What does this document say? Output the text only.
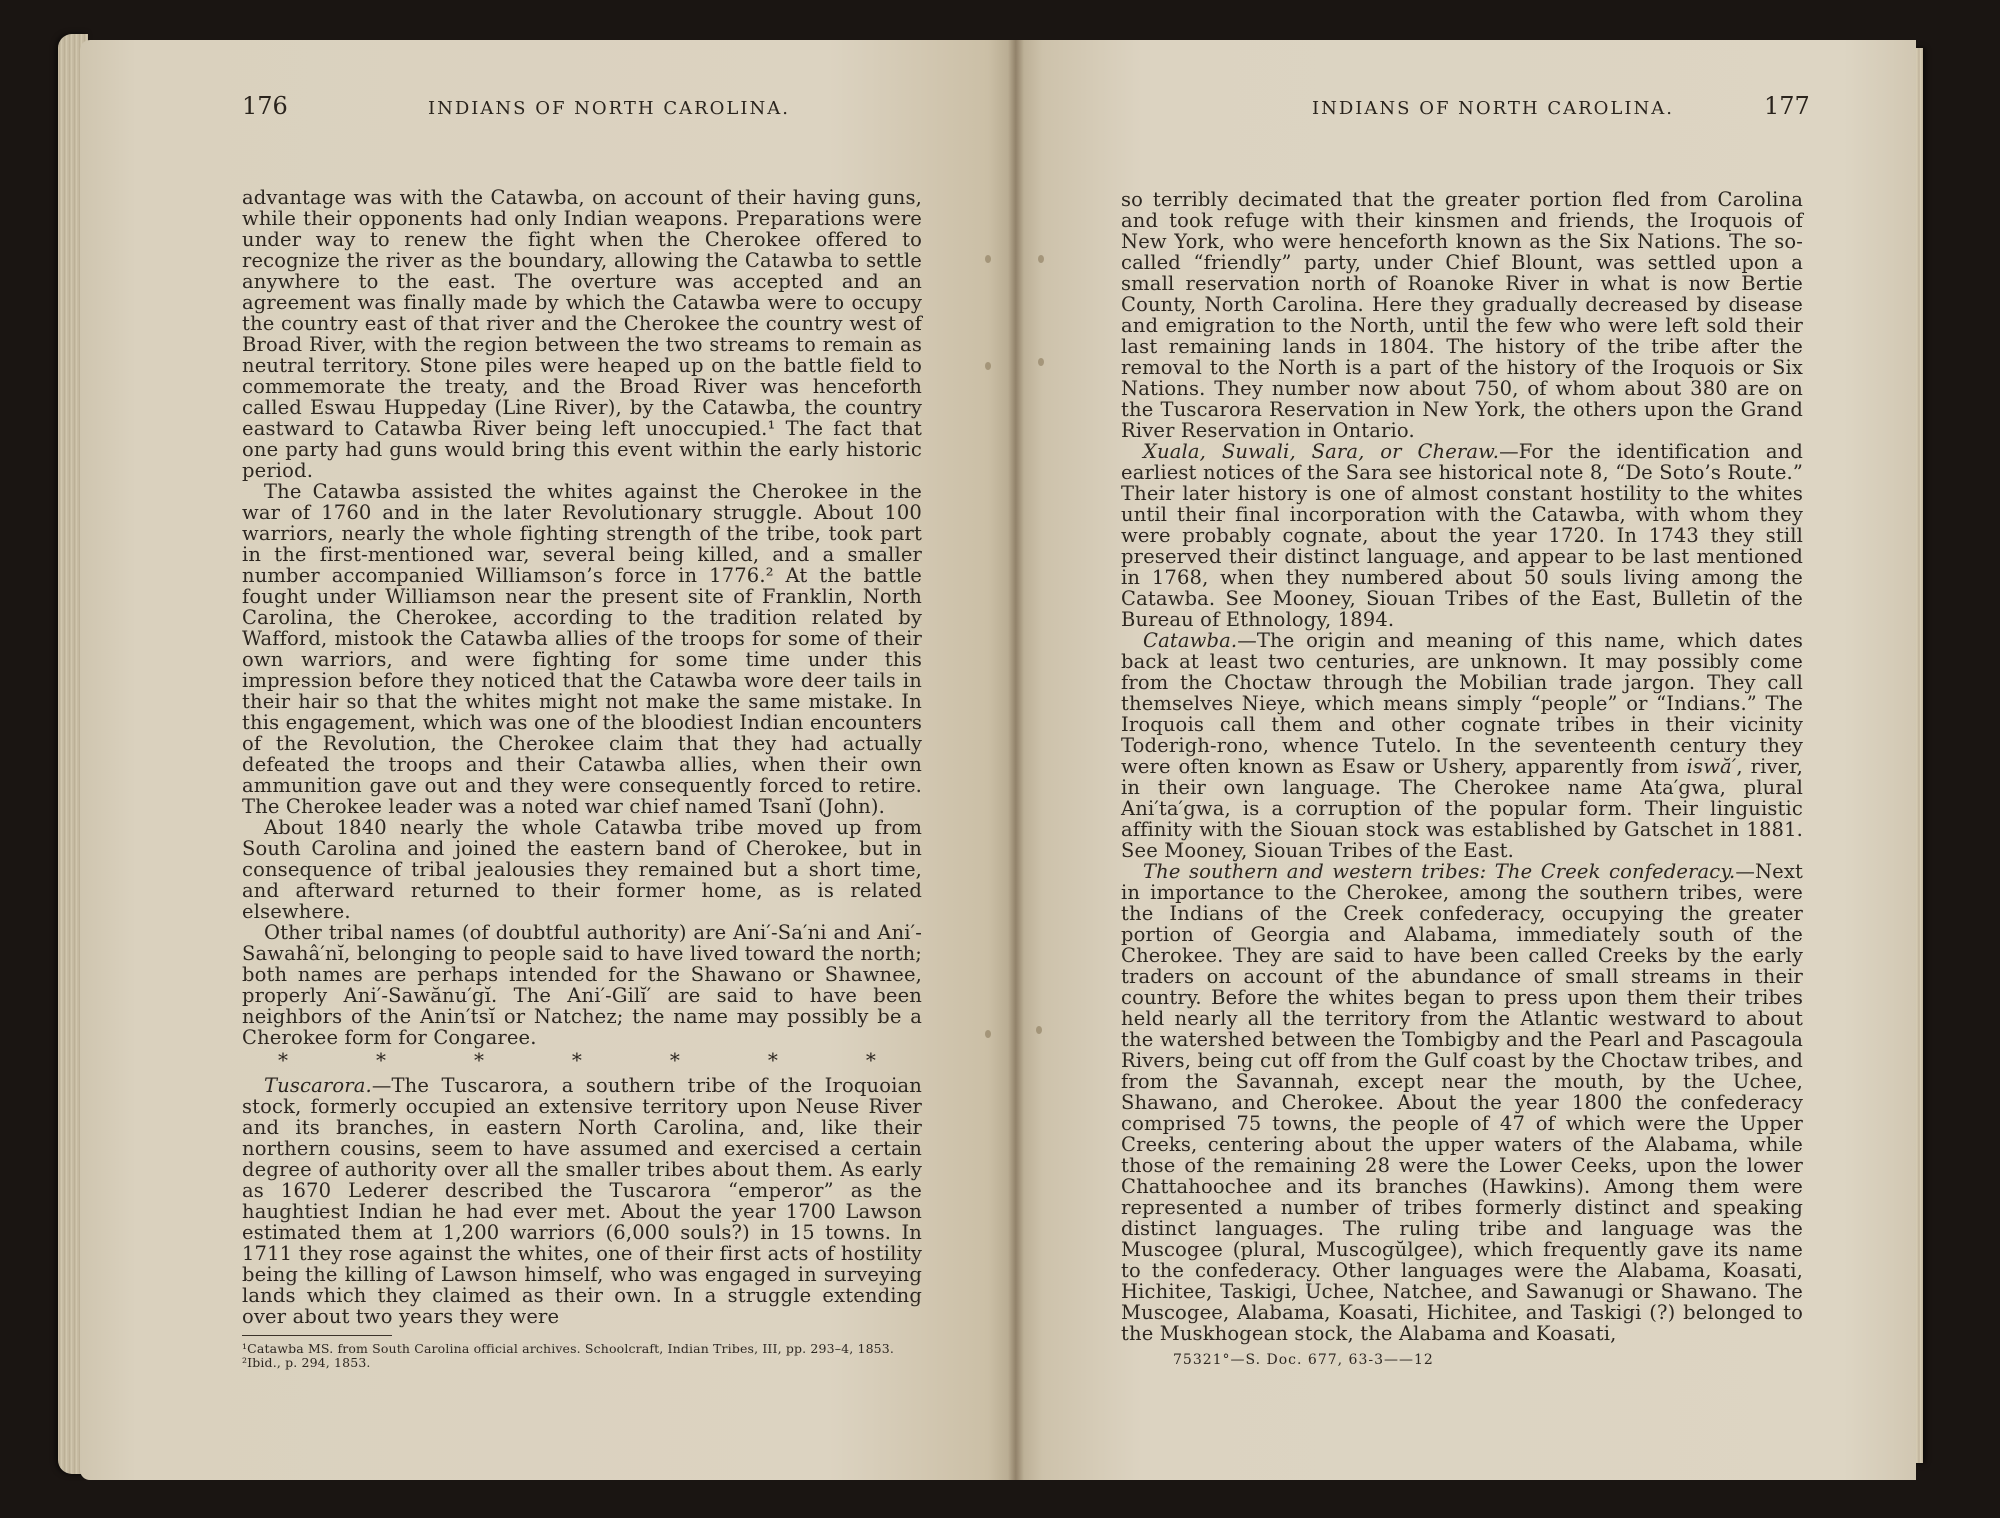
176	INDIANS OF NORTH CAROLINA.

advantage was with the Catawba, on account of their having guns, while their opponents had only Indian weapons. Preparations were under way to renew the fight when the Cherokee offered to recognize the river as the boundary, allowing the Catawba to settle anywhere to the east. The overture was accepted and an agreement was finally made by which the Catawba were to occupy the country east of that river and the Cherokee the country west of Broad River, with the region between the two streams to remain as neutral territory. Stone piles were heaped up on the battle field to commemorate the treaty, and the Broad River was henceforth called Eswau Huppeday (Line River), by the Catawba, the country eastward to Catawba River being left unoccupied.¹ The fact that one party had guns would bring this event within the early historic period.

The Catawba assisted the whites against the Cherokee in the war of 1760 and in the later Revolutionary struggle. About 100 warriors, nearly the whole fighting strength of the tribe, took part in the first-mentioned war, several being killed, and a smaller number accompanied Williamson’s force in 1776.² At the battle fought under Williamson near the present site of Franklin, North Carolina, the Cherokee, according to the tradition related by Wafford, mistook the Catawba allies of the troops for some of their own warriors, and were fighting for some time under this impression before they noticed that the Catawba wore deer tails in their hair so that the whites might not make the same mistake. In this engagement, which was one of the bloodiest Indian encounters of the Revolution, the Cherokee claim that they had actually defeated the troops and their Catawba allies, when their own ammunition gave out and they were consequently forced to retire. The Cherokee leader was a noted war chief named Tsanĭ (John).

About 1840 nearly the whole Catawba tribe moved up from South Carolina and joined the eastern band of Cherokee, but in consequence of tribal jealousies they remained but a short time, and afterward returned to their former home, as is related elsewhere.

Other tribal names (of doubtful authority) are Ani′-Sa′ni and Ani′-Sawahâ′nĭ, belonging to people said to have lived toward the north; both names are perhaps intended for the Shawano or Shawnee, properly Ani′-Sawănu′gĭ. The Ani′-Gilĭ′ are said to have been neighbors of the Anin′tsĭ or Natchez; the name may possibly be a Cherokee form for Congaree.

*	*	*	*	*	*	*

Tuscarora.—The Tuscarora, a southern tribe of the Iroquoian stock, formerly occupied an extensive territory upon Neuse River and its branches, in eastern North Carolina, and, like their northern cousins, seem to have assumed and exercised a certain degree of authority over all the smaller tribes about them. As early as 1670 Lederer described the Tuscarora “emperor” as the haughtiest Indian he had ever met. About the year 1700 Lawson estimated them at 1,200 warriors (6,000 souls?) in 15 towns. In 1711 they rose against the whites, one of their first acts of hostility being the killing of Lawson himself, who was engaged in surveying lands which they claimed as their own. In a struggle extending over about two years they were

¹Catawba MS. from South Carolina official archives. Schoolcraft, Indian Tribes, III, pp. 293–4, 1853.
²Ibid., p. 294, 1853.
INDIANS OF NORTH CAROLINA.	177

so terribly decimated that the greater portion fled from Carolina and took refuge with their kinsmen and friends, the Iroquois of New York, who were henceforth known as the Six Nations. The so-called “friendly” party, under Chief Blount, was settled upon a small reservation north of Roanoke River in what is now Bertie County, North Carolina. Here they gradually decreased by disease and emigration to the North, until the few who were left sold their last remaining lands in 1804. The history of the tribe after the removal to the North is a part of the history of the Iroquois or Six Nations. They number now about 750, of whom about 380 are on the Tuscarora Reservation in New York, the others upon the Grand River Reservation in Ontario.

Xuala, Suwali, Sara, or Cheraw.—For the identification and earliest notices of the Sara see historical note 8, “De Soto’s Route.” Their later history is one of almost constant hostility to the whites until their final incorporation with the Catawba, with whom they were probably cognate, about the year 1720. In 1743 they still preserved their distinct language, and appear to be last mentioned in 1768, when they numbered about 50 souls living among the Catawba. See Mooney, Siouan Tribes of the East, Bulletin of the Bureau of Ethnology, 1894.

Catawba.—The origin and meaning of this name, which dates back at least two centuries, are unknown. It may possibly come from the Choctaw through the Mobilian trade jargon. They call themselves Nieye, which means simply “people” or “Indians.” The Iroquois call them and other cognate tribes in their vicinity Toderigh-rono, whence Tutelo. In the seventeenth century they were often known as Esaw or Ushery, apparently from iswă′, river, in their own language. The Cherokee name Ata′gwa, plural Ani′ta′gwa, is a corruption of the popular form. Their linguistic affinity with the Siouan stock was established by Gatschet in 1881. See Mooney, Siouan Tribes of the East.

The southern and western tribes: The Creek confederacy.—Next in importance to the Cherokee, among the southern tribes, were the Indians of the Creek confederacy, occupying the greater portion of Georgia and Alabama, immediately south of the Cherokee. They are said to have been called Creeks by the early traders on account of the abundance of small streams in their country. Before the whites began to press upon them their tribes held nearly all the territory from the Atlantic westward to about the watershed between the Tombigby and the Pearl and Pascagoula Rivers, being cut off from the Gulf coast by the Choctaw tribes, and from the Savannah, except near the mouth, by the Uchee, Shawano, and Cherokee. About the year 1800 the confederacy comprised 75 towns, the people of 47 of which were the Upper Creeks, centering about the upper waters of the Alabama, while those of the remaining 28 were the Lower Ceeks, upon the lower Chattahoochee and its branches (Hawkins). Among them were represented a number of tribes formerly distinct and speaking distinct languages. The ruling tribe and language was the Muscogee (plural, Muscogŭlgee), which frequently gave its name to the confederacy. Other languages were the Alabama, Koasati, Hichitee, Taskigi, Uchee, Natchee, and Sawanugi or Shawano. The Muscogee, Alabama, Koasati, Hichitee, and Taskigi (?) belonged to the Muskhogean stock, the Alabama and Koasati,

75321°—S. Doc. 677, 63-3——12
